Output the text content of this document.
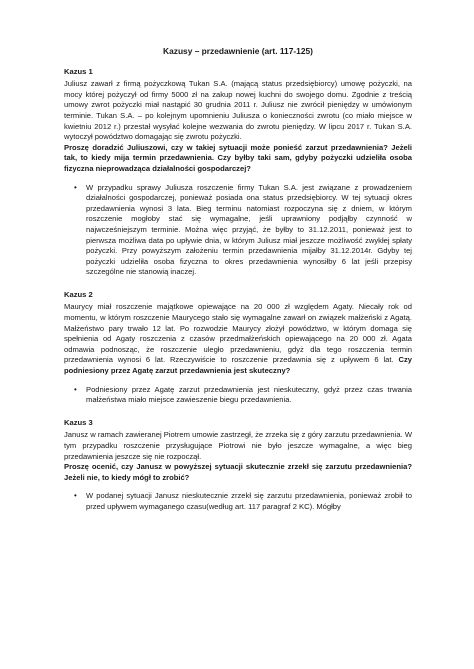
Kazusy – przedawnienie (art. 117-125)
Kazus 1

Juliusz zawarł z firmą pożyczkową Tukan S.A. (mającą status przedsiębiorcy) umowę pożyczki, na mocy której pożyczył od firmy 5000 zł na zakup nowej kuchni do swojego domu. Zgodnie z treścią umowy zwrot pożyczki miał nastąpić 30 grudnia 2011 r. Juliusz nie zwrócił pieniędzy w umówionym terminie. Tukan S.A. – po kolejnym upomnieniu Juliusza o konieczności zwrotu (co miało miejsce w kwietniu 2012 r.) przestał wysyłać kolejne wezwania do zwrotu pieniędzy. W lipcu 2017 r. Tukan S.A. wytoczył powództwo domagając się zwrotu pożyczki.

Proszę doradzić Juliuszowi, czy w takiej sytuacji może ponieść zarzut przedawnienia? Jeżeli tak, to kiedy mija termin przedawnienia. Czy byłby taki sam, gdyby pożyczki udzieliła osoba fizyczna nieprowadząca działalności gospodarczej?

• W przypadku sprawy Juliusza roszczenie firmy Tukan S.A. jest związane z prowadzeniem działalności gospodarczej, ponieważ posiada ona status przedsiębiorcy. W tej sytuacji okres przedawnienia wynosi 3 lata. Bieg terminu natomiast rozpoczyna się z dniem, w którym roszczenie mogłoby stać się wymagalne, jeśli uprawniony podjąłby czynność w najwcześniejszym terminie. Można więc przyjąć, że byłby to 31.12.2011, ponieważ jest to pierwsza możliwa data po upływie dnia, w którym Juliusz miał jeszcze możliwość zwykłej spłaty pożyczki. Przy powyższym założeniu termin przedawnienia mijałby 31.12.2014r. Gdyby tej pożyczki udzieliła osoba fizyczna to okres przedawnienia wynosiłby 6 lat jeśli przepisy szczególne nie stanowią inaczej.
Kazus 2

Maurycy miał roszczenie majątkowe opiewające na 20 000 zł względem Agaty. Niecały rok od momentu, w którym roszczenie Maurycego stało się wymagalne zawarł on związek małżeński z Agatą. Małżeństwo pary trwało 12 lat. Po rozwodzie Maurycy złożył powództwo, w którym domaga się spełnienia od Agaty roszczenia z czasów przedmałżeńskich opiewającego na 20 000 zł. Agata odmawia podnosząc, że roszczenie uległo przedawnieniu, gdyż dla tego roszczenia termin przedawnienia wynosi 6 lat. Rzeczywiście to roszczenie przedawnia się z upływem 6 lat. Czy podniesiony przez Agatę zarzut przedawnienia jest skuteczny?

• Podniesiony przez Agatę zarzut przedawnienia jest nieskuteczny, gdyż przez czas trwania małżeństwa miało miejsce zawieszenie biegu przedawnienia.
Kazus 3

Janusz w ramach zawieranej Piotrem umowie zastrzegł, że zrzeka się z góry zarzutu przedawnienia. W tym przypadku roszczenie przysługujące Piotrowi nie było jeszcze wymagalne, a więc bieg przedawnienia jeszcze się nie rozpoczął.

Proszę ocenić, czy Janusz w powyższej sytuacji skutecznie zrzekł się zarzutu przedawnienia? Jeżeli nie, to kiedy mógł to zrobić?

• W podanej sytuacji Janusz nieskutecznie zrzekł się zarzutu przedawnienia, ponieważ zrobił to przed upływem wymaganego czasu(według art. 117 paragraf 2 KC). Mógłby
